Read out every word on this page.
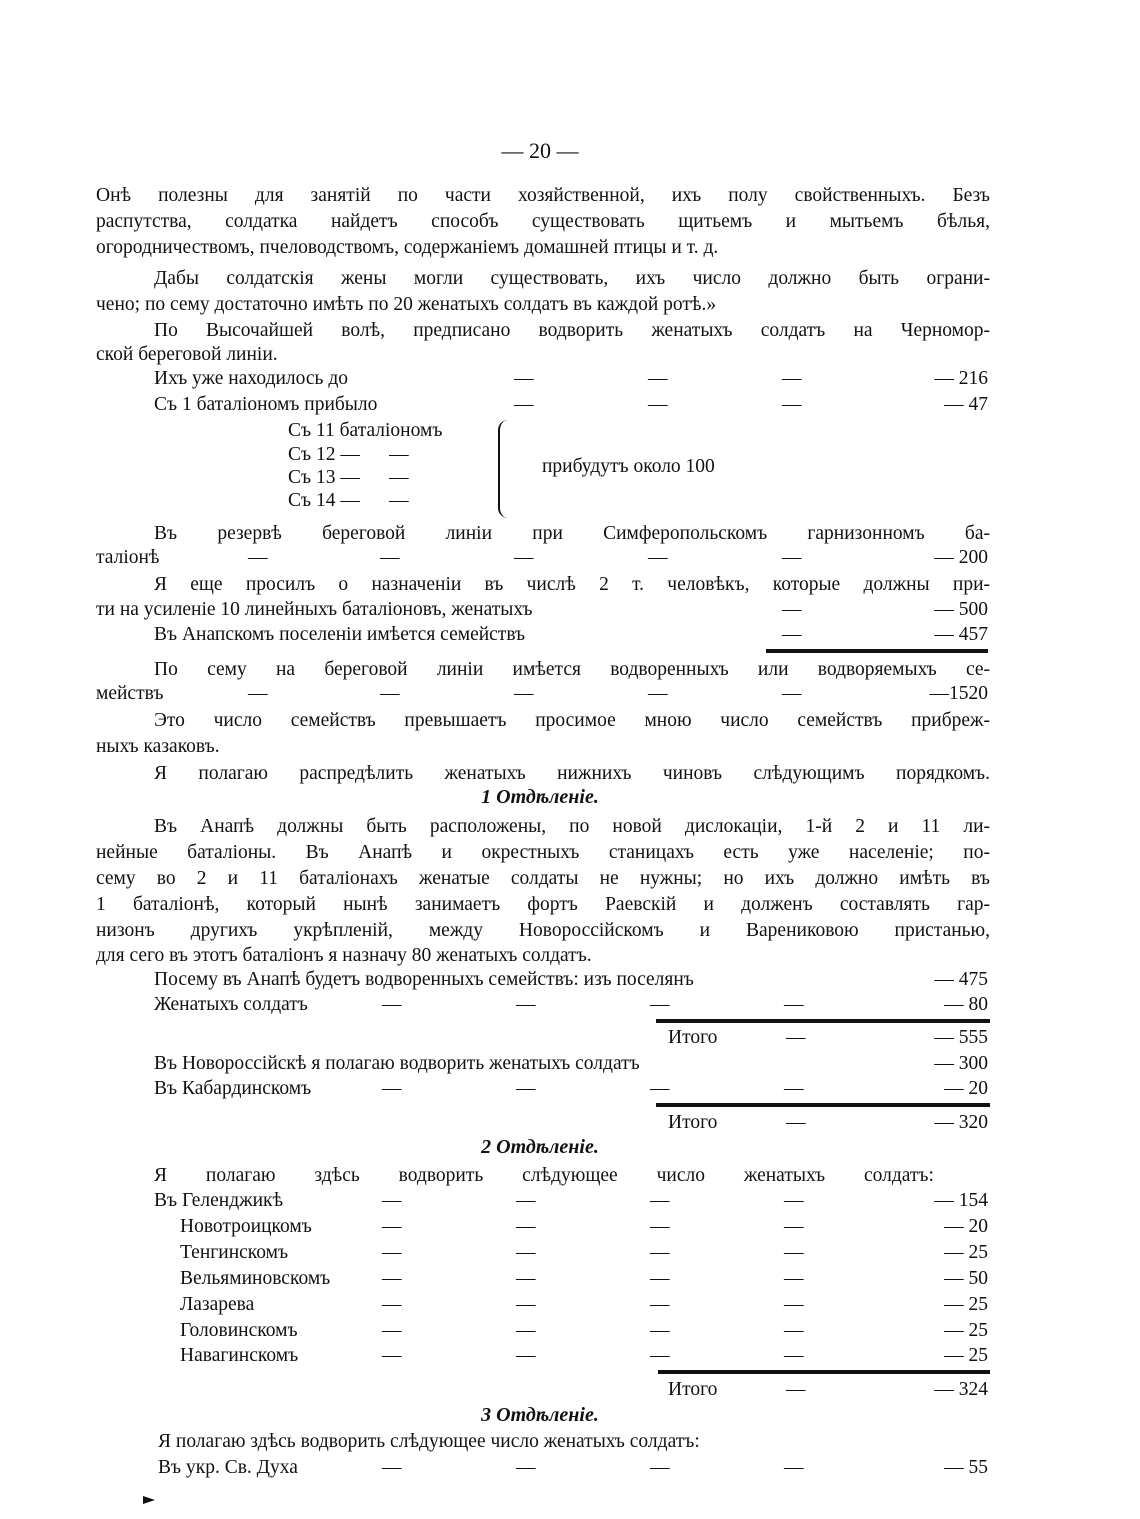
— 20 —
Онѣ полезны для занятій по части хозяйственной, ихъ полу свойственныхъ. Безъ
распутства, солдатка найдетъ способъ существовать щитьемъ и мытьемъ бѣлья,
огородничествомъ, пчеловодствомъ, содержаніемъ домашней птицы и т. д.
Дабы солдатскія жены могли существовать, ихъ число должно быть ограни-
чено; по сему достаточно имѣть по 20 женатыхъ солдатъ въ каждой ротѣ.»
По Высочайшей волѣ, предписано водворить женатыхъ солдатъ на Черномор-
ской береговой линіи.
Ихъ уже находилось до	—	—	—	— 216
Съ 1 баталіономъ прибыло	—	—	—	— 47
Съ 11 баталіономъ
Съ 12 —      —
Съ 13 —      —
Съ 14 —      —
прибудутъ около 100
Въ резервѣ береговой линіи при Симферопольскомъ гарнизонномъ ба-
таліонѣ	—	—	—	—	—	— 200
Я еще просилъ о назначеніи въ числѣ 2 т. человѣкъ, которые должны при-
ти на усиленіе 10 линейныхъ баталіоновъ, женатыхъ	—	— 500
Въ Анапскомъ поселеніи имѣется семействъ	—	— 457
По сему на береговой линіи имѣется водворенныхъ или водворяемыхъ се-
мействъ	—	—	—	—	—	—1520
Это число семействъ превышаетъ просимое мною число семействъ прибреж-
ныхъ казаковъ.
Я полагаю распредѣлить женатыхъ нижнихъ чиновъ слѣдующимъ порядкомъ.
1 Отдѣленіе.
Въ Анапѣ должны быть расположены, по новой дислокаціи, 1-й 2 и 11 ли-
нейные баталіоны. Въ Анапѣ и окрестныхъ станицахъ есть уже населеніе; по-
сему во 2 и 11 баталіонахъ женатые солдаты не нужны; но ихъ должно имѣть въ
1 баталіонѣ, который нынѣ занимаетъ фортъ Раевскій и долженъ составлять гар-
низонъ другихъ укрѣпленій, между Новороссійскомъ и Варениковою пристанью,
для сего въ этотъ баталіонъ я назначу 80 женатыхъ солдатъ.
Посему въ Анапѣ будетъ водворенныхъ семействъ: изъ поселянъ	— 475
Женатыхъ солдатъ	—	—	—	—	— 80
Итого	—	— 555
Въ Новороссійскѣ я полагаю водворить женатыхъ солдатъ	— 300
Въ Кабардинскомъ	—	—	—	—	— 20
Итого	—	— 320
2 Отдѣленіе.
Я полагаю здѣсь водворить слѣдующее число женатыхъ солдатъ:
Въ Геленджикѣ	—	—	—	—	— 154
Новотроицкомъ	—	—	—	—	— 20
Тенгинскомъ	—	—	—	—	— 25
Вельяминовскомъ	—	—	—	—	— 50
Лазарева	—	—	—	—	— 25
Головинскомъ	—	—	—	—	— 25
Навагинскомъ	—	—	—	—	— 25
Итого	—	— 324
3 Отдѣленіе.
Я полагаю здѣсь водворить слѣдующее число женатыхъ солдатъ:
Въ укр. Св. Духа	—	—	—	—	— 55
